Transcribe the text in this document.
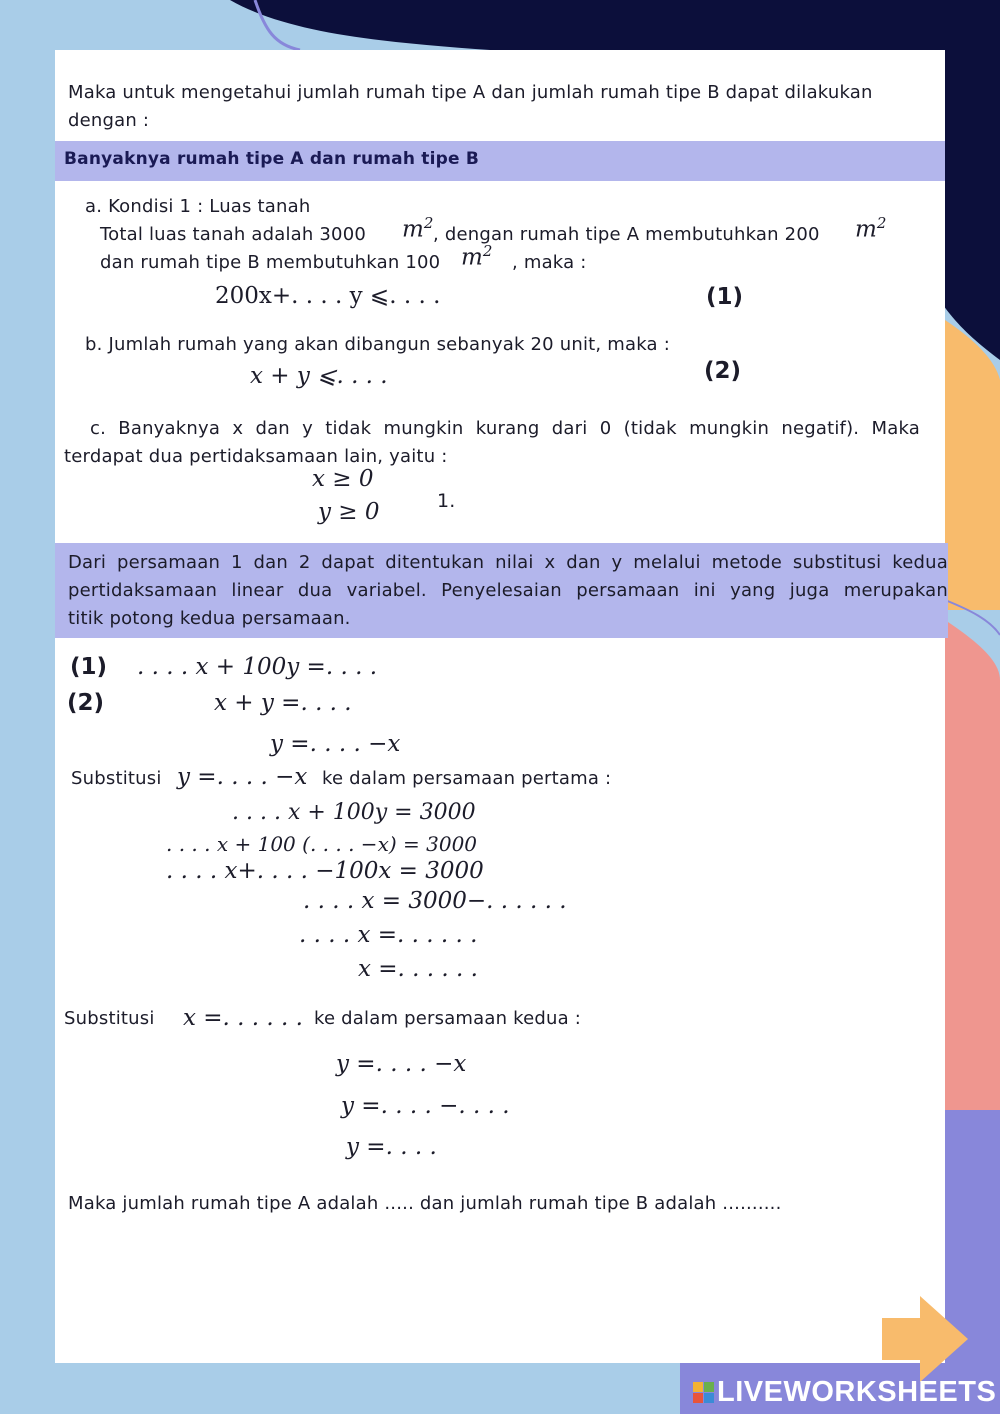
Maka untuk mengetahui jumlah rumah tipe A dan jumlah rumah tipe B dapat dilakukan
dengan :
Banyaknya rumah tipe A dan rumah tipe B
a. Kondisi 1 : Luas tanah
Total luas tanah adalah 3000 $m^2$
, dengan rumah tipe A membutuhkan 200 $m^2$
dan rumah tipe B membutuhkan 100 $m^2$
, maka :
200x+. . . . y ⩽. . . .	(1)
b. Jumlah rumah yang akan dibangun sebanyak 20 unit, maka :
x + y ⩽. . . .	(2)
c. Banyaknya x dan y tidak mungkin kurang dari 0 (tidak mungkin negatif). Maka
terdapat dua pertidaksamaan lain, yaitu :
x ≥ 0
y ≥ 0	1.
Dari persamaan 1 dan 2 dapat ditentukan nilai x dan y melalui metode substitusi kedua
pertidaksamaan linear dua variabel. Penyelesaian persamaan ini yang juga merupakan
titik potong kedua persamaan.
(1) . . . . x + 100y =. . . .
(2)	x + y =. . . .
y =. . . . −x
Substitusi y =. . . . −x ke dalam persamaan pertama :
. . . . x + 100y = 3000
. . . . x + 100 (. . . . −x) = 3000
. . . . x+. . . . −100x = 3000
. . . . x = 3000−. . . . . .
. . . . x =. . . . . .
x =. . . . . .
Substitusi x =. . . . . . ke dalam persamaan kedua :
y =. . . . −x
y =. . . . −. . . .
y =. . . .
Maka jumlah rumah tipe A adalah ..... dan jumlah rumah tipe B adalah ..........
LIVEWORKSHEETS
